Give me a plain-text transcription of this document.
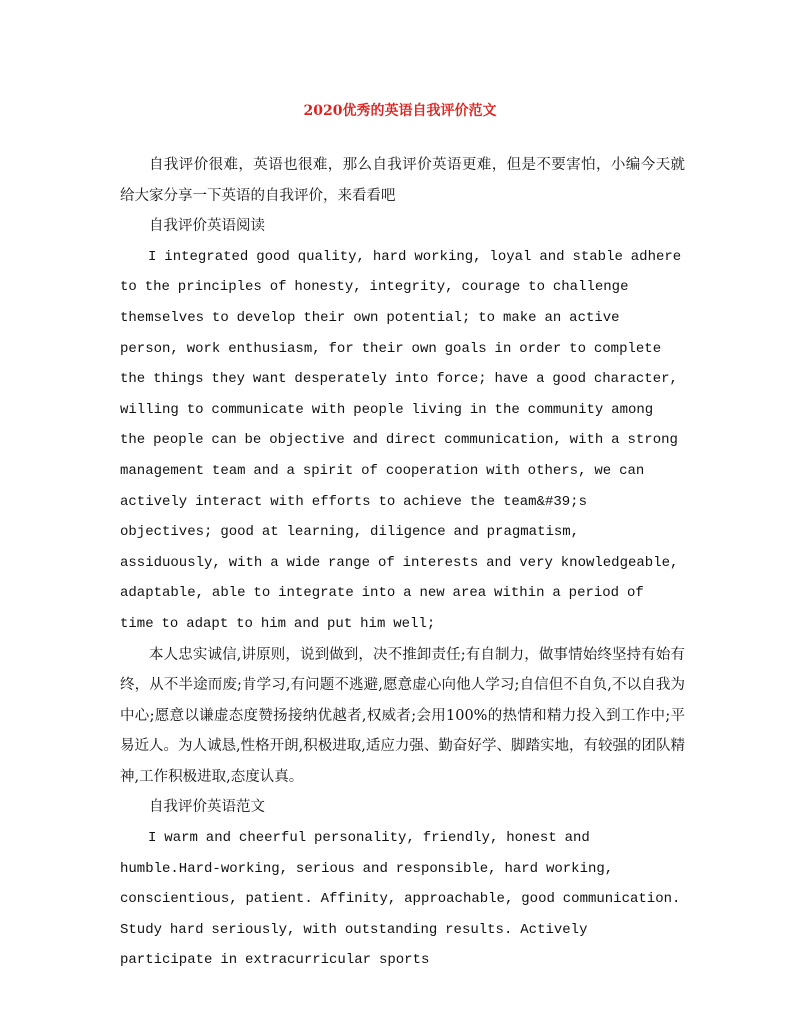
2020优秀的英语自我评价范文

自我评价很难，英语也很难，那么自我评价英语更难，但是不要害怕，小编今天就给大家分享一下英语的自我评价，来看看吧

自我评价英语阅读

I integrated good quality, hard working, loyal and stable adhere to the principles of honesty, integrity, courage to challenge themselves to develop their own potential; to make an active person, work enthusiasm, for their own goals in order to complete the things they want desperately into force; have a good character, willing to communicate with people living in the community among the people can be objective and direct communication, with a strong management team and a spirit of cooperation with others, we can actively interact with efforts to achieve the team&#39;s objectives; good at learning, diligence and pragmatism, assiduously, with a wide range of interests and very knowledgeable, adaptable, able to integrate into a new area within a period of time to adapt to him and put him well;

本人忠实诚信,讲原则，说到做到，决不推卸责任;有自制力，做事情始终坚持有始有终，从不半途而废;肯学习,有问题不逃避,愿意虚心向他人学习;自信但不自负,不以自我为中心;愿意以谦虚态度赞扬接纳优越者,权威者;会用100%的热情和精力投入到工作中;平易近人。为人诚恳,性格开朗,积极进取,适应力强、勤奋好学、脚踏实地，有较强的团队精神,工作积极进取,态度认真。

自我评价英语范文

I warm and cheerful personality, friendly, honest and humble.Hard-working, serious and responsible, hard working, conscientious, patient. Affinity, approachable, good communication. Study hard seriously, with outstanding results. Actively participate in extracurricular sports
